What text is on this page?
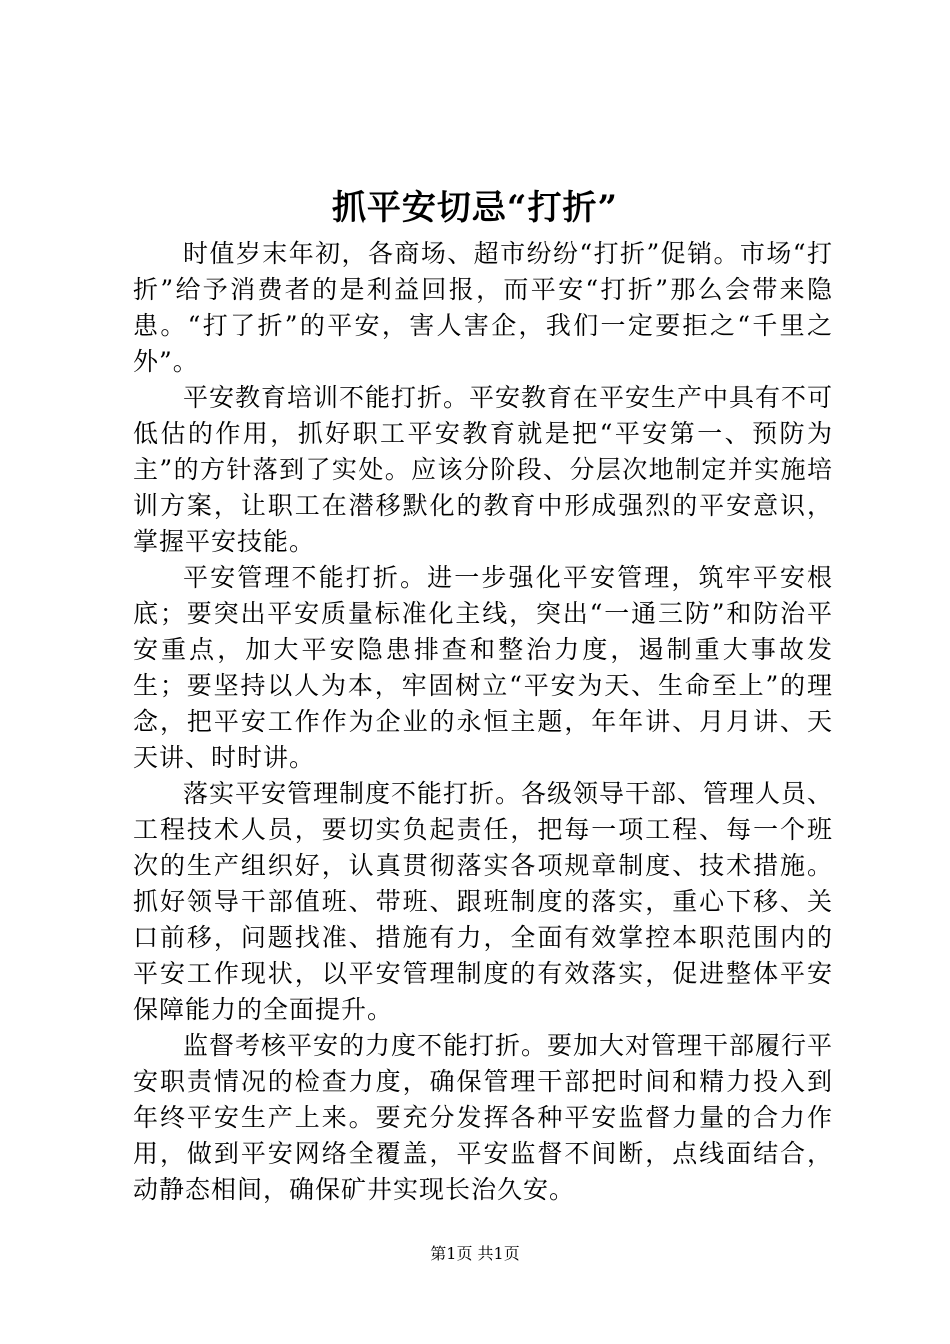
抓平安切忌“打折”

时值岁末年初，各商场、超市纷纷“打折”促销。市场“打折”给予消费者的是利益回报，而平安“打折”那么会带来隐患。“打了折”的平安，害人害企，我们一定要拒之“千里之外”。

平安教育培训不能打折。平安教育在平安生产中具有不可低估的作用，抓好职工平安教育就是把“平安第一、预防为主”的方针落到了实处。应该分阶段、分层次地制定并实施培训方案，让职工在潜移默化的教育中形成强烈的平安意识，掌握平安技能。

平安管理不能打折。进一步强化平安管理，筑牢平安根底；要突出平安质量标准化主线，突出“一通三防”和防治平安重点，加大平安隐患排查和整治力度，遏制重大事故发生；要坚持以人为本，牢固树立“平安为天、生命至上”的理念，把平安工作作为企业的永恒主题，年年讲、月月讲、天天讲、时时讲。

落实平安管理制度不能打折。各级领导干部、管理人员、工程技术人员，要切实负起责任，把每一项工程、每一个班次的生产组织好，认真贯彻落实各项规章制度、技术措施。抓好领导干部值班、带班、跟班制度的落实，重心下移、关口前移，问题找准、措施有力，全面有效掌控本职范围内的平安工作现状，以平安管理制度的有效落实，促进整体平安保障能力的全面提升。

监督考核平安的力度不能打折。要加大对管理干部履行平安职责情况的检查力度，确保管理干部把时间和精力投入到年终平安生产上来。要充分发挥各种平安监督力量的合力作用，做到平安网络全覆盖，平安监督不间断，点线面结合，动静态相间，确保矿井实现长治久安。

第1页 共1页
